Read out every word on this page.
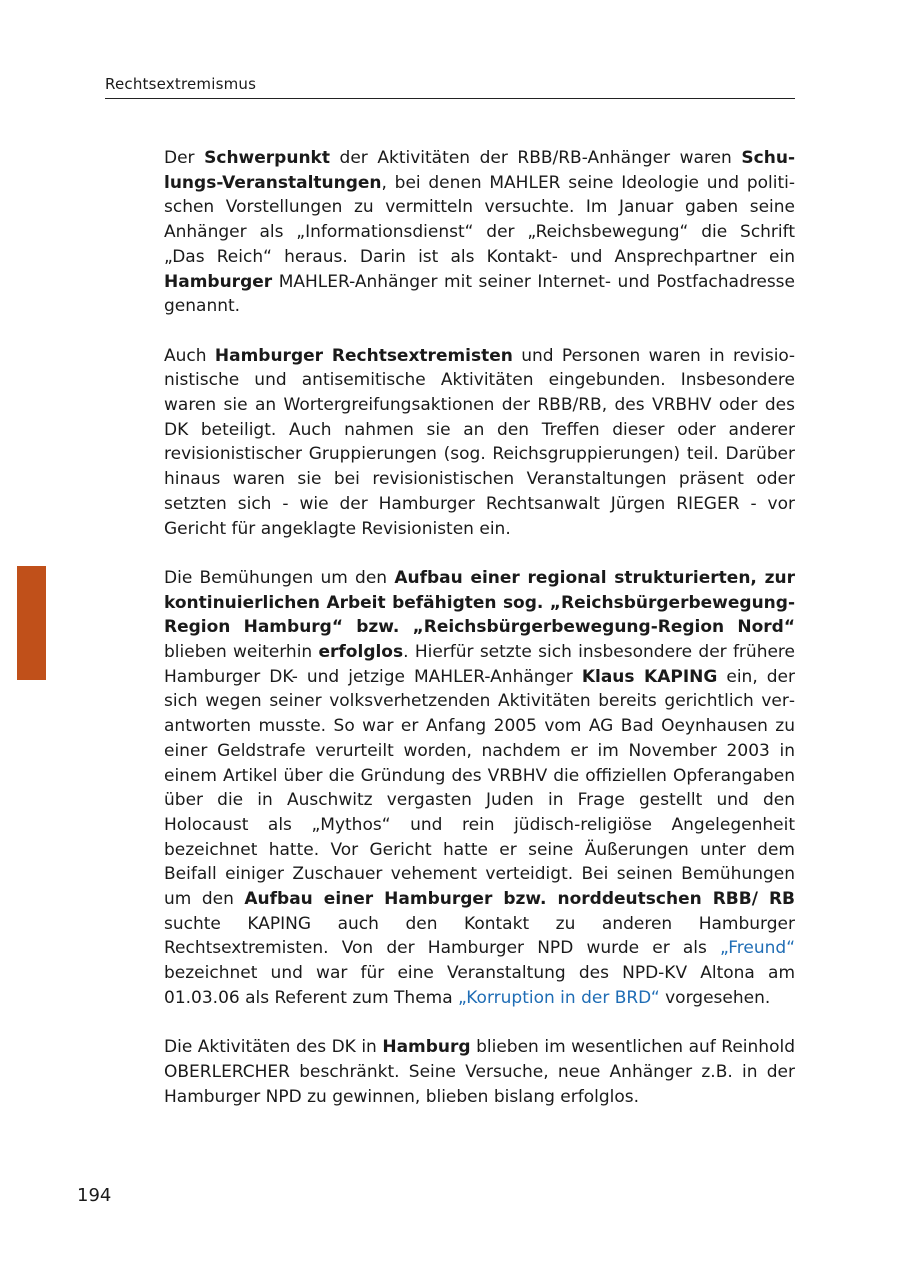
Rechtsextremismus

Der Schwerpunkt der Aktivitäten der RBB/RB-Anhänger waren Schulungs-Veranstaltungen, bei denen MAHLER seine Ideologie und politischen Vorstellungen zu vermitteln versuchte. Im Januar gaben seine Anhänger als „Informationsdienst“ der „Reichsbewegung“ die Schrift „Das Reich“ heraus. Darin ist als Kontakt- und Ansprechpartner ein Hamburger MAHLER-Anhänger mit seiner Internet- und Postfachadresse genannt.

Auch Hamburger Rechtsextremisten und Personen waren in revisionistische und antisemitische Aktivitäten eingebunden. Insbesondere waren sie an Wortergreifungsaktionen der RBB/RB, des VRBHV oder des DK beteiligt. Auch nahmen sie an den Treffen dieser oder anderer revisionistischer Gruppierungen (sog. Reichsgruppierungen) teil. Darüber hinaus waren sie bei revisionistischen Veranstaltungen präsent oder setzten sich - wie der Hamburger Rechtsanwalt Jürgen RIEGER - vor Gericht für angeklagte Revisionisten ein.

Die Bemühungen um den Aufbau einer regional strukturierten, zur kontinuierlichen Arbeit befähigten sog. „Reichsbürgerbewegung-Region Hamburg“ bzw. „Reichsbürgerbewegung-Region Nord“ blieben weiterhin erfolglos. Hierfür setzte sich insbesondere der frühere Hamburger DK- und jetzige MAHLER-Anhänger Klaus KAPING ein, der sich wegen seiner volksverhetzenden Aktivitäten bereits gerichtlich verantworten musste. So war er Anfang 2005 vom AG Bad Oeynhausen zu einer Geldstrafe verurteilt worden, nachdem er im November 2003 in einem Artikel über die Gründung des VRBHV die offiziellen Opferangaben über die in Auschwitz vergasten Juden in Frage gestellt und den Holocaust als „Mythos“ und rein jüdisch-religiöse Angelegenheit bezeichnet hatte. Vor Gericht hatte er seine Äußerungen unter dem Beifall einiger Zuschauer vehement verteidigt. Bei seinen Bemühungen um den Aufbau einer Hamburger bzw. norddeutschen RBB/ RB suchte KAPING auch den Kontakt zu anderen Hamburger Rechtsextremisten. Von der Hamburger NPD wurde er als „Freund“ bezeichnet und war für eine Veranstaltung des NPD-KV Altona am 01.03.06 als Referent zum Thema „Korruption in der BRD“ vorgesehen.

Die Aktivitäten des DK in Hamburg blieben im wesentlichen auf Reinhold OBERLERCHER beschränkt. Seine Versuche, neue Anhänger z.B. in der Hamburger NPD zu gewinnen, blieben bislang erfolglos.

194
